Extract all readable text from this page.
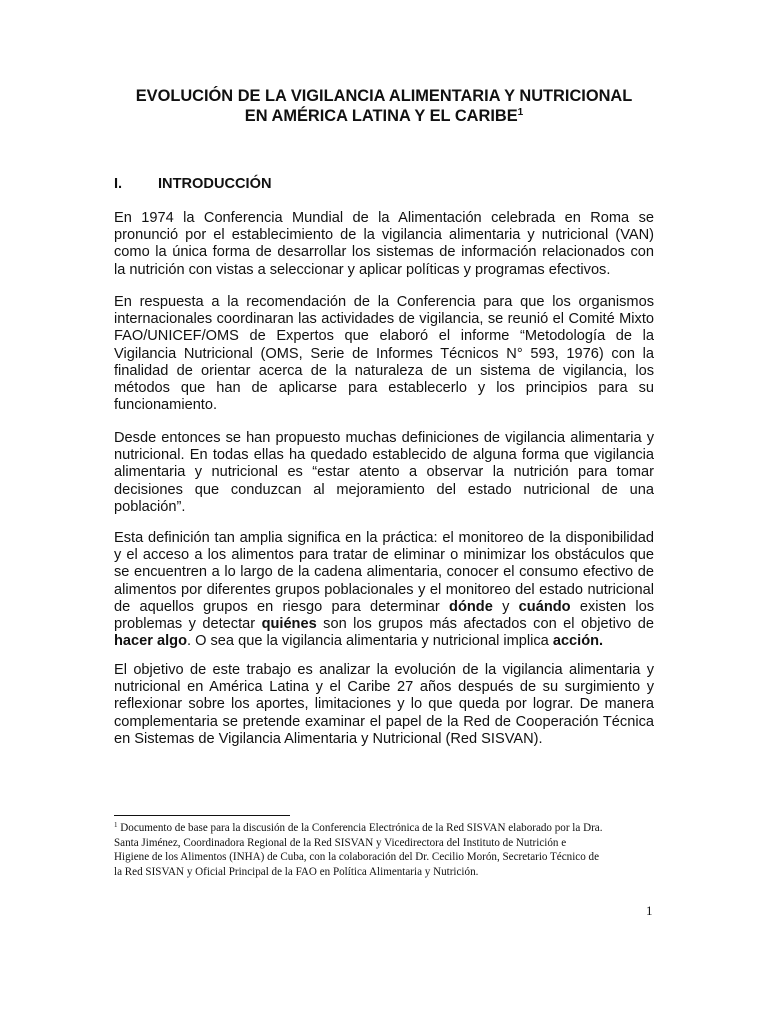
EVOLUCIÓN DE LA VIGILANCIA ALIMENTARIA Y NUTRICIONAL
EN AMÉRICA LATINA Y EL CARIBE$^1$
I. INTRODUCCIÓN

En 1974 la Conferencia Mundial de la Alimentación celebrada en Roma se
pronunció por el establecimiento de la vigilancia alimentaria y nutricional (VAN)
como la única forma de desarrollar los sistemas de información relacionados con
la nutrición con vistas a seleccionar y aplicar políticas y programas efectivos.

En respuesta a la recomendación de la Conferencia para que los organismos
internacionales coordinaran las actividades de vigilancia, se reunió el Comité Mixto
FAO/UNICEF/OMS de Expertos que elaboró el informe “Metodología de la
Vigilancia Nutricional (OMS, Serie de Informes Técnicos N° 593, 1976) con la
finalidad de orientar acerca de la naturaleza de un sistema de vigilancia, los
métodos que han de aplicarse para establecerlo y los principios para su
funcionamiento.

Desde entonces se han propuesto muchas definiciones de vigilancia alimentaria y
nutricional. En todas ellas ha quedado establecido de alguna forma que vigilancia
alimentaria y nutricional es “estar atento a observar la nutrición para tomar
decisiones que conduzcan al mejoramiento del estado nutricional de una
población”.

Esta definición tan amplia significa en la práctica: el monitoreo de la disponibilidad
y el acceso a los alimentos para tratar de eliminar o minimizar los obstáculos que
se encuentren a lo largo de la cadena alimentaria, conocer el consumo efectivo de
alimentos por diferentes grupos poblacionales y el monitoreo del estado nutricional
de aquellos grupos en riesgo para determinar dónde y cuándo existen los
problemas y detectar quiénes son los grupos más afectados con el objetivo de
hacer algo. O sea que la vigilancia alimentaria y nutricional implica acción.

El objetivo de este trabajo es analizar la evolución de la vigilancia alimentaria y
nutricional en América Latina y el Caribe 27 años después de su surgimiento y
reflexionar sobre los aportes, limitaciones y lo que queda por lograr. De manera
complementaria se pretende examinar el papel de la Red de Cooperación Técnica
en Sistemas de Vigilancia Alimentaria y Nutricional (Red SISVAN).

$^1$ Documento de base para la discusión de la Conferencia Electrónica de la Red SISVAN elaborado por la Dra.
Santa Jiménez, Coordinadora Regional de la Red SISVAN y Vicedirectora del Instituto de Nutrición e
Higiene de los Alimentos (INHA) de Cuba, con la colaboración del Dr. Cecilio Morón, Secretario Técnico de
la Red SISVAN y Oficial Principal de la FAO en Política Alimentaria y Nutrición.

1
